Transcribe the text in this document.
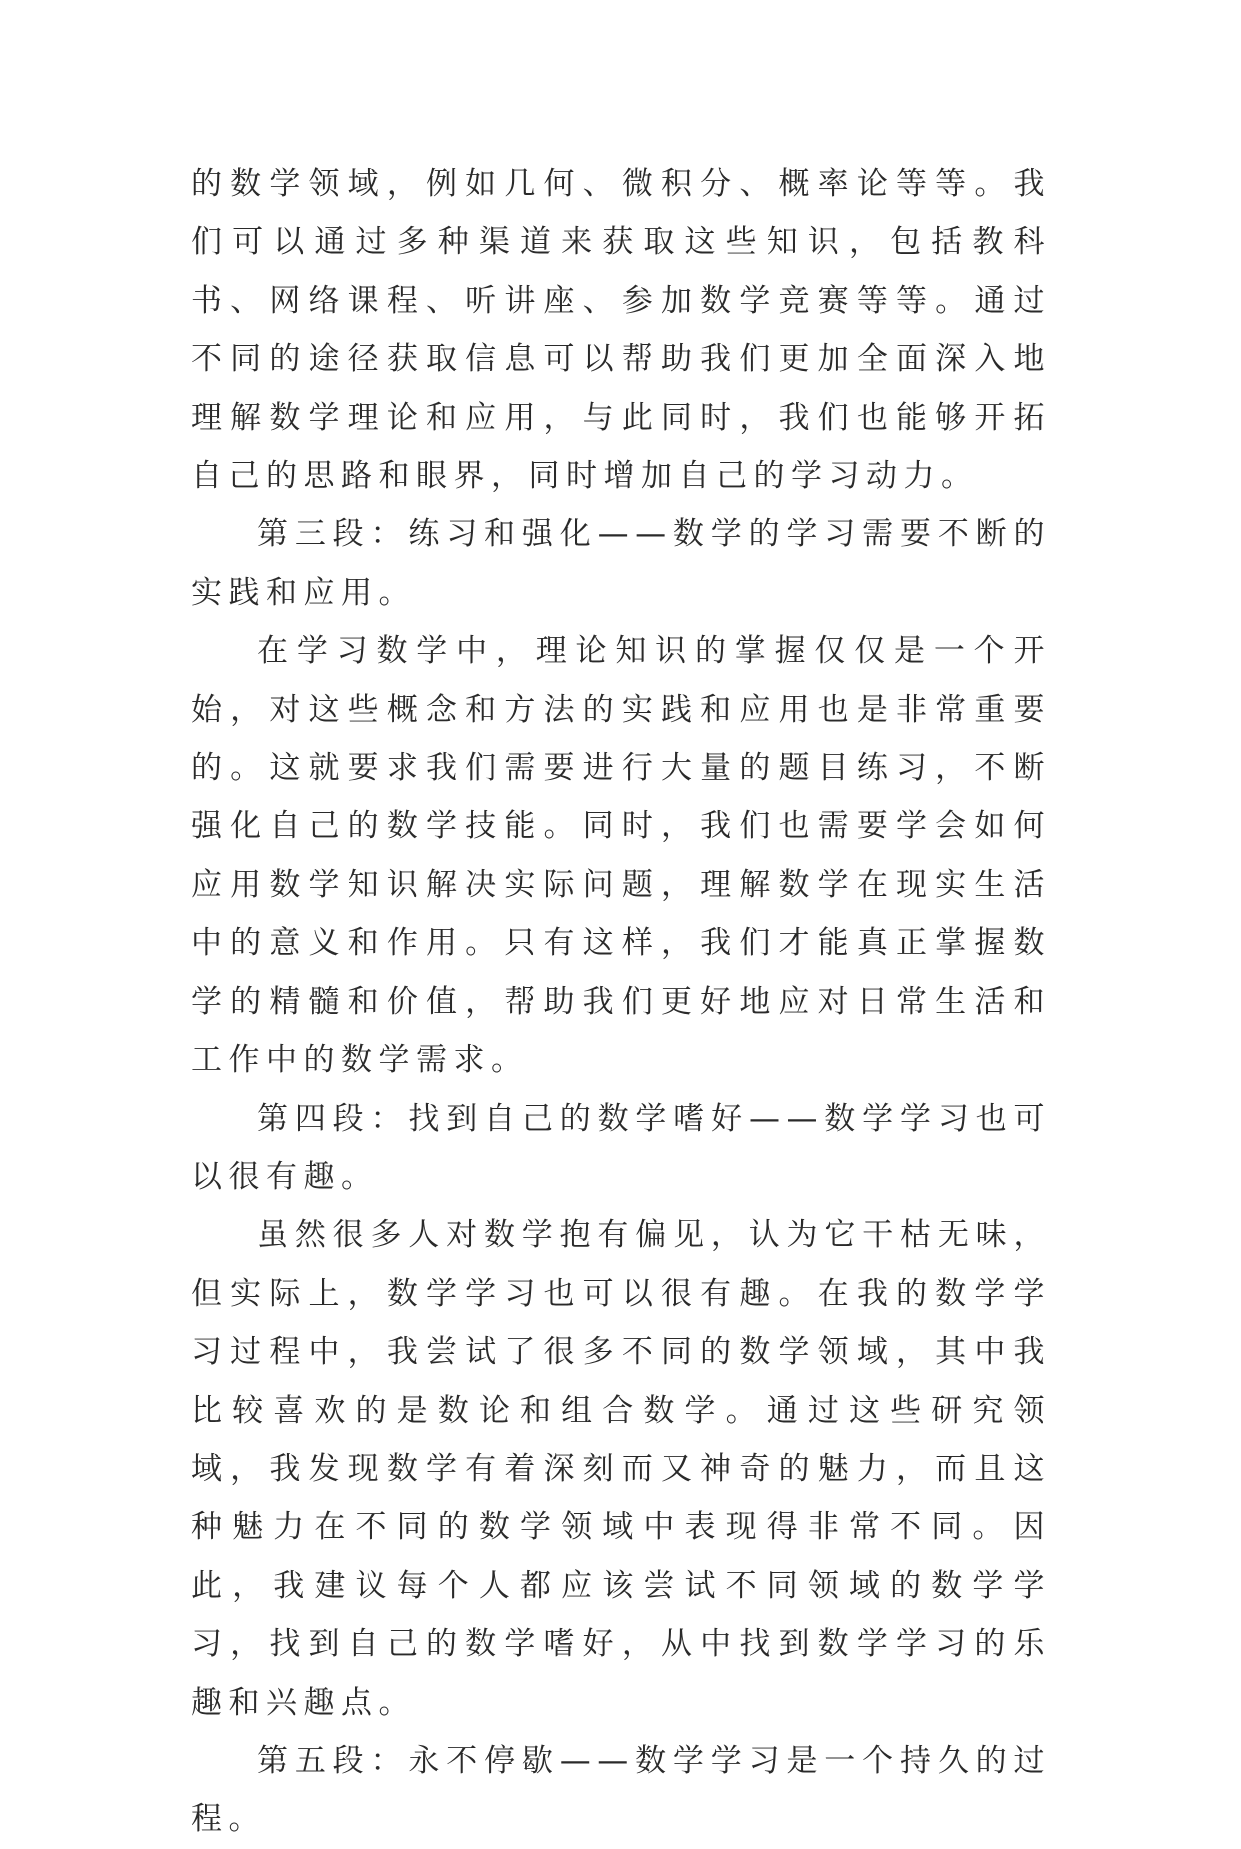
的数学领域，例如几何、微积分、概率论等等。我们可以通过多种渠道来获取这些知识，包括教科书、网络课程、听讲座、参加数学竞赛等等。通过不同的途径获取信息可以帮助我们更加全面深入地理解数学理论和应用，与此同时，我们也能够开拓自己的思路和眼界，同时增加自己的学习动力。

第三段：练习和强化——数学的学习需要不断的实践和应用。

在学习数学中，理论知识的掌握仅仅是一个开始，对这些概念和方法的实践和应用也是非常重要的。这就要求我们需要进行大量的题目练习，不断强化自己的数学技能。同时，我们也需要学会如何应用数学知识解决实际问题，理解数学在现实生活中的意义和作用。只有这样，我们才能真正掌握数学的精髓和价值，帮助我们更好地应对日常生活和工作中的数学需求。

第四段：找到自己的数学嗜好——数学学习也可以很有趣。

虽然很多人对数学抱有偏见，认为它干枯无味，但实际上，数学学习也可以很有趣。在我的数学学习过程中，我尝试了很多不同的数学领域，其中我比较喜欢的是数论和组合数学。通过这些研究领域，我发现数学有着深刻而又神奇的魅力，而且这种魅力在不同的数学领域中表现得非常不同。因此，我建议每个人都应该尝试不同领域的数学学习，找到自己的数学嗜好，从中找到数学学习的乐趣和兴趣点。

第五段：永不停歇——数学学习是一个持久的过程。
